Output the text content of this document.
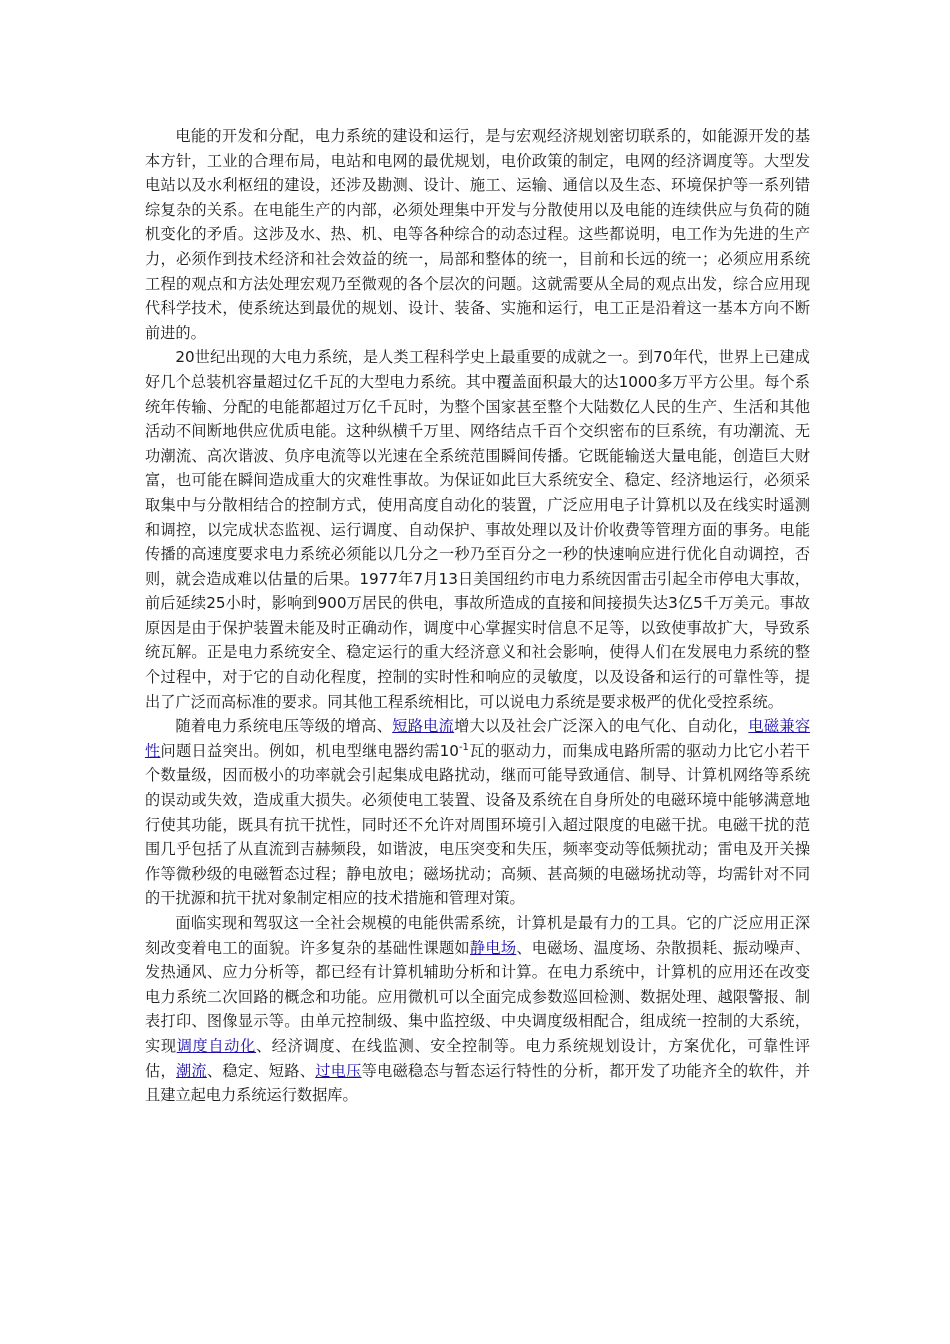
电能的开发和分配，电力系统的建设和运行，是与宏观经济规划密切联系的，如能源开发的基本方针，工业的合理布局，电站和电网的最优规划，电价政策的制定，电网的经济调度等。大型发电站以及水利枢纽的建设，还涉及勘测、设计、施工、运输、通信以及生态、环境保护等一系列错综复杂的关系。在电能生产的内部，必须处理集中开发与分散使用以及电能的连续供应与负荷的随机变化的矛盾。这涉及水、热、机、电等各种综合的动态过程。这些都说明，电工作为先进的生产力，必须作到技术经济和社会效益的统一，局部和整体的统一，目前和长远的统一；必须应用系统工程的观点和方法处理宏观乃至微观的各个层次的问题。这就需要从全局的观点出发，综合应用现代科学技术，使系统达到最优的规划、设计、装备、实施和运行，电工正是沿着这一基本方向不断前进的。

20世纪出现的大电力系统，是人类工程科学史上最重要的成就之一。到70年代，世界上已建成好几个总装机容量超过亿千瓦的大型电力系统。其中覆盖面积最大的达1000多万平方公里。每个系统年传输、分配的电能都超过万亿千瓦时，为整个国家甚至整个大陆数亿人民的生产、生活和其他活动不间断地供应优质电能。这种纵横千万里、网络结点千百个交织密布的巨系统，有功潮流、无功潮流、高次谐波、负序电流等以光速在全系统范围瞬间传播。它既能输送大量电能，创造巨大财富，也可能在瞬间造成重大的灾难性事故。为保证如此巨大系统安全、稳定、经济地运行，必须采取集中与分散相结合的控制方式，使用高度自动化的装置，广泛应用电子计算机以及在线实时遥测和调控，以完成状态监视、运行调度、自动保护、事故处理以及计价收费等管理方面的事务。电能传播的高速度要求电力系统必须能以几分之一秒乃至百分之一秒的快速响应进行优化自动调控，否则，就会造成难以估量的后果。1977年7月13日美国纽约市电力系统因雷击引起全市停电大事故，前后延续25小时，影响到900万居民的供电，事故所造成的直接和间接损失达3亿5千万美元。事故原因是由于保护装置未能及时正确动作，调度中心掌握实时信息不足等，以致使事故扩大，导致系统瓦解。正是电力系统安全、稳定运行的重大经济意义和社会影响，使得人们在发展电力系统的整个过程中，对于它的自动化程度，控制的实时性和响应的灵敏度，以及设备和运行的可靠性等，提出了广泛而高标准的要求。同其他工程系统相比，可以说电力系统是要求极严的优化受控系统。

随着电力系统电压等级的增高、短路电流增大以及社会广泛深入的电气化、自动化，电磁兼容性问题日益突出。例如，机电型继电器约需$10^{-1}$瓦的驱动力，而集成电路所需的驱动力比它小若干个数量级，因而极小的功率就会引起集成电路扰动，继而可能导致通信、制导、计算机网络等系统的误动或失效，造成重大损失。必须使电工装置、设备及系统在自身所处的电磁环境中能够满意地行使其功能，既具有抗干扰性，同时还不允许对周围环境引入超过限度的电磁干扰。电磁干扰的范围几乎包括了从直流到吉赫频段，如谐波，电压突变和失压，频率变动等低频扰动；雷电及开关操作等微秒级的电磁暂态过程；静电放电；磁场扰动；高频、甚高频的电磁场扰动等，均需针对不同的干扰源和抗干扰对象制定相应的技术措施和管理对策。

面临实现和驾驭这一全社会规模的电能供需系统，计算机是最有力的工具。它的广泛应用正深刻改变着电工的面貌。许多复杂的基础性课题如静电场、电磁场、温度场、杂散损耗、振动噪声、发热通风、应力分析等，都已经有计算机辅助分析和计算。在电力系统中，计算机的应用还在改变电力系统二次回路的概念和功能。应用微机可以全面完成参数巡回检测、数据处理、越限警报、制表打印、图像显示等。由单元控制级、集中监控级、中央调度级相配合，组成统一控制的大系统，实现调度自动化、经济调度、在线监测、安全控制等。电力系统规划设计，方案优化，可靠性评估，潮流、稳定、短路、过电压等电磁稳态与暂态运行特性的分析，都开发了功能齐全的软件，并且建立起电力系统运行数据库。
